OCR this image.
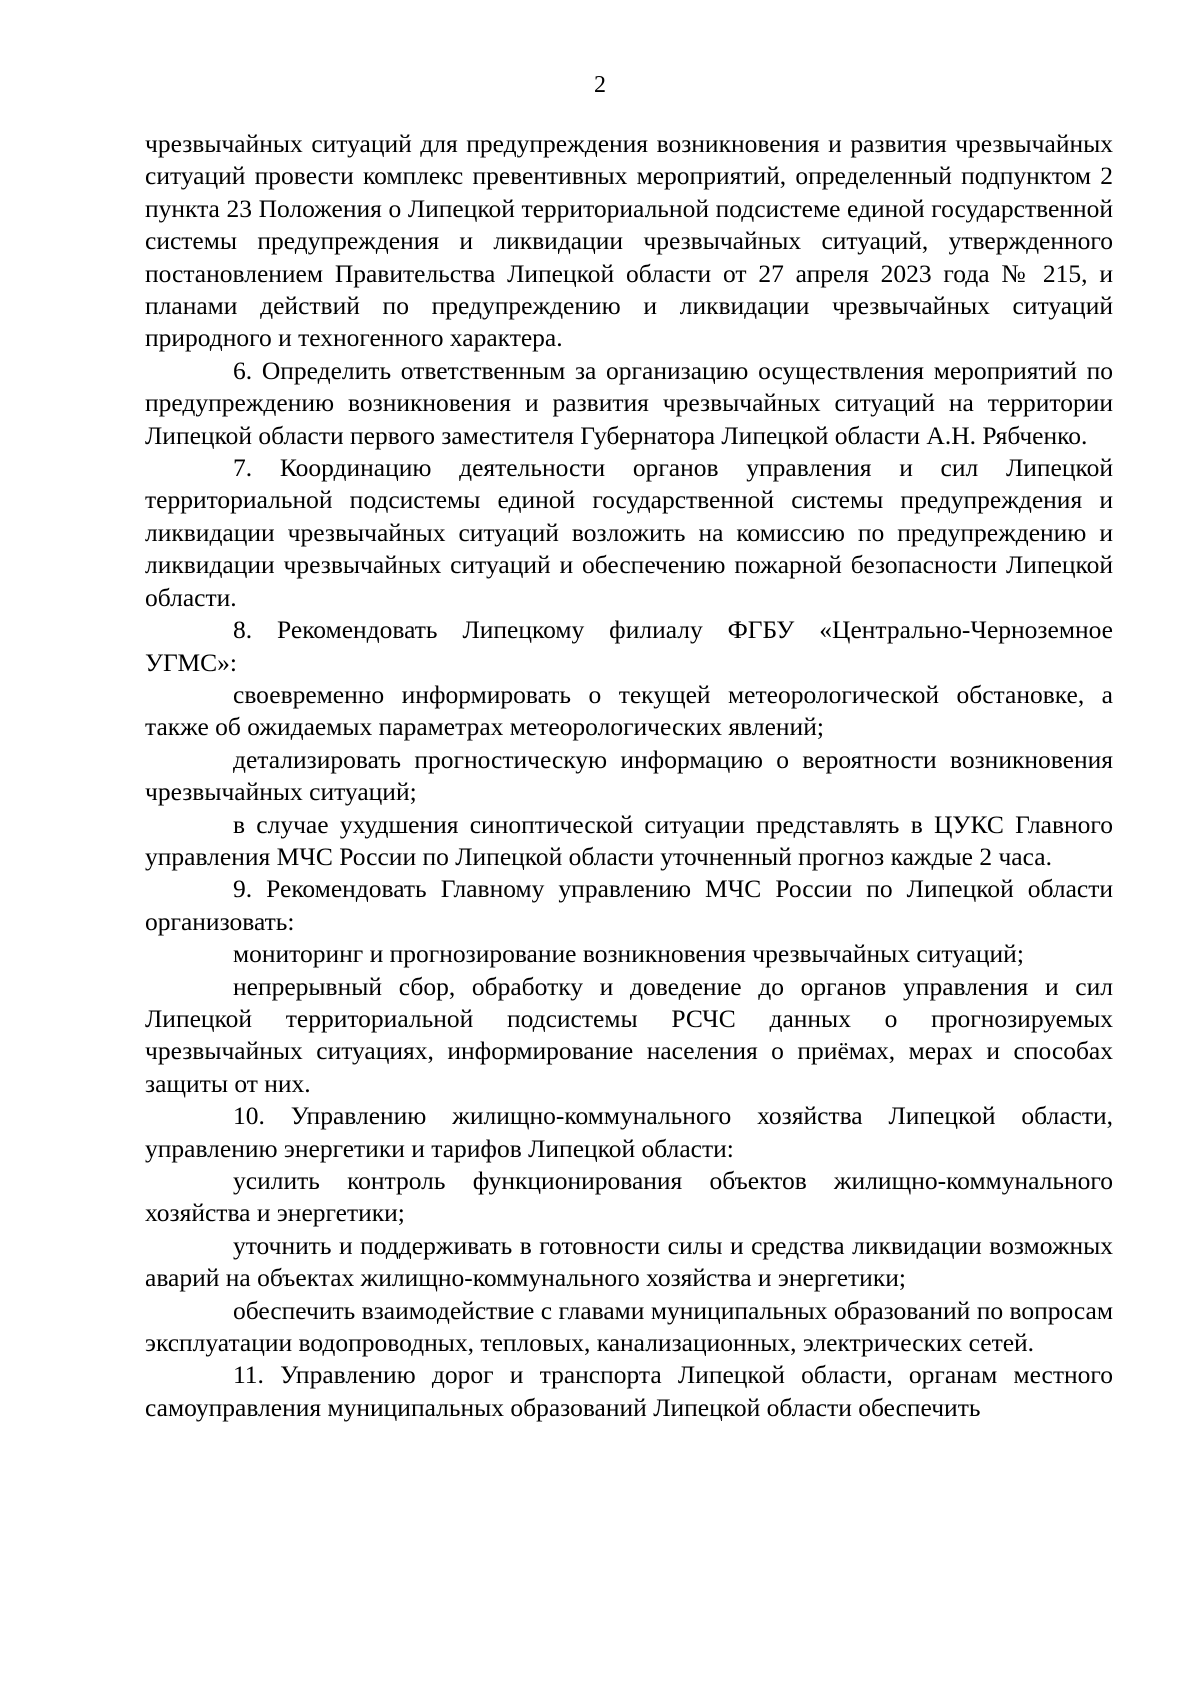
2

чрезвычайных ситуаций для предупреждения возникновения и развития чрезвычайных ситуаций провести комплекс превентивных мероприятий, определенный подпунктом 2 пункта 23 Положения о Липецкой территориальной подсистеме единой государственной системы предупреждения и ликвидации чрезвычайных ситуаций, утвержденного постановлением Правительства Липецкой области от 27 апреля 2023 года № 215, и планами действий по предупреждению и ликвидации чрезвычайных ситуаций природного и техногенного характера.

6. Определить ответственным за организацию осуществления мероприятий по предупреждению возникновения и развития чрезвычайных ситуаций на территории Липецкой области первого заместителя Губернатора Липецкой области А.Н. Рябченко.

7. Координацию деятельности органов управления и сил Липецкой территориальной подсистемы единой государственной системы предупреждения и ликвидации чрезвычайных ситуаций возложить на комиссию по предупреждению и ликвидации чрезвычайных ситуаций и обеспечению пожарной безопасности Липецкой области.

8. Рекомендовать Липецкому филиалу ФГБУ «Центрально-Черноземное УГМС»:

своевременно информировать о текущей метеорологической обстановке, а также об ожидаемых параметрах метеорологических явлений;

детализировать прогностическую информацию о вероятности возникновения чрезвычайных ситуаций;

в случае ухудшения синоптической ситуации представлять в ЦУКС Главного управления МЧС России по Липецкой области уточненный прогноз каждые 2 часа.

9. Рекомендовать Главному управлению МЧС России по Липецкой области организовать:

мониторинг и прогнозирование возникновения чрезвычайных ситуаций;

непрерывный сбор, обработку и доведение до органов управления и сил Липецкой территориальной подсистемы РСЧС данных о прогнозируемых чрезвычайных ситуациях, информирование населения о приёмах, мерах и способах защиты от них.

10. Управлению жилищно-коммунального хозяйства Липецкой области, управлению энергетики и тарифов Липецкой области:

усилить контроль функционирования объектов жилищно-коммунального хозяйства и энергетики;

уточнить и поддерживать в готовности силы и средства ликвидации возможных аварий на объектах жилищно-коммунального хозяйства и энергетики;

обеспечить взаимодействие с главами муниципальных образований по вопросам эксплуатации водопроводных, тепловых, канализационных, электрических сетей.

11. Управлению дорог и транспорта Липецкой области, органам местного самоуправления муниципальных образований Липецкой области обеспечить
